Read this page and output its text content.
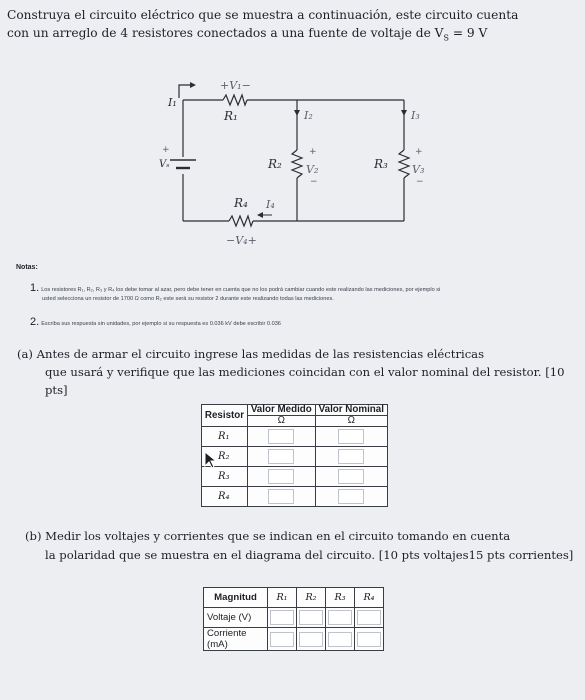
Construya el circuito eléctrico que se muestra a continuación, este circuito cuenta
con un arreglo de 4 resistores conectados a una fuente de voltaje de $V_S = 9$ V
+V₁−
R₁
I₁
I₂	I₃
Vₛ	R₂ V₂	R₃ V₃
R₄ I₄
−V₄+
+	+
−
+
−
Notas:
1. Los resistores R₁, R₂, R₃ y R₄ los debe tomar al azar, pero debe tener en cuenta que no los podrá cambiar cuando este realizando las mediciones, por ejemplo si
usted selecciona un resistor de 1700 Ω como R₂ este será su resistor 2 durante este realizando todas las mediciones.
2. Escriba sus respuesta sin unidades, por ejemplo si su respuesta es 0.036 kV debe escribir 0.036
(a) Antes de armar el circuito ingrese las medidas de las resistencias eléctricas
que usará y verifique que las mediciones coincidan con el valor nominal del resistor. [10 pts]
Resistor	Valor Medido	Valor Nominal
	Ω	Ω
R₁	

R₂	

R₃	

R₄	

(b) Medir los voltajes y corrientes que se indican en el circuito tomando en cuenta
la polaridad que se muestra en el diagrama del circuito. [10 pts voltajes15 pts corrientes]
Magnitud	R₁	R₂	R₃	R₄
Voltaje (V)	

Corriente (mA)	
